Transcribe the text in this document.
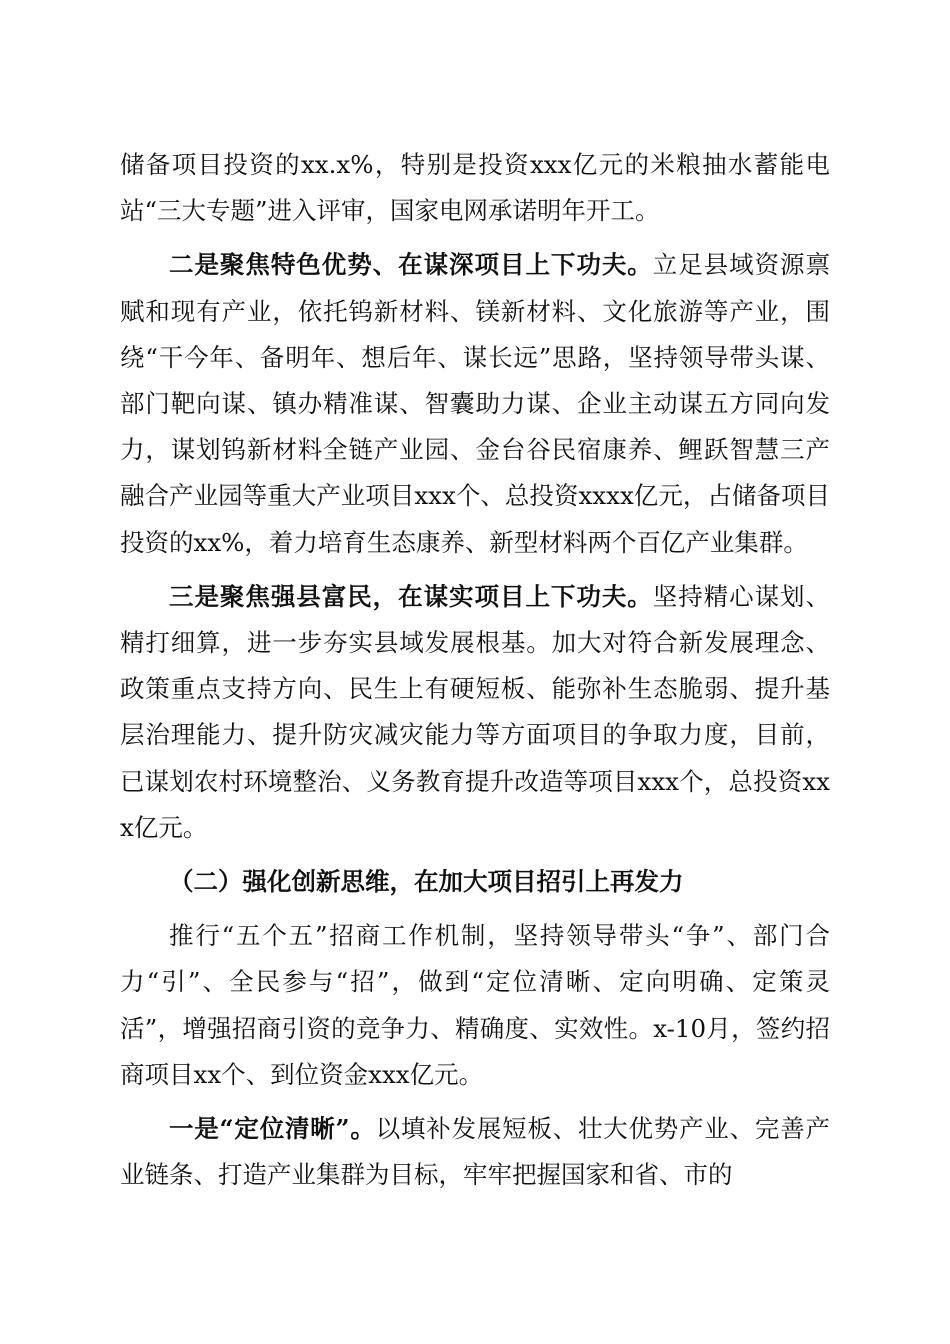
储备项目投资的xx.x%，特别是投资xxx亿元的米粮抽水蓄能电站“三大专题”进入评审，国家电网承诺明年开工。

二是聚焦特色优势、在谋深项目上下功夫。立足县域资源禀赋和现有产业，依托钨新材料、镁新材料、文化旅游等产业，围绕“干今年、备明年、想后年、谋长远”思路，坚持领导带头谋、部门靶向谋、镇办精准谋、智囊助力谋、企业主动谋五方同向发力，谋划钨新材料全链产业园、金台谷民宿康养、鲤跃智慧三产融合产业园等重大产业项目xxx个、总投资xxxx亿元，占储备项目投资的xx%，着力培育生态康养、新型材料两个百亿产业集群。

三是聚焦强县富民，在谋实项目上下功夫。坚持精心谋划、精打细算，进一步夯实县域发展根基。加大对符合新发展理念、政策重点支持方向、民生上有硬短板、能弥补生态脆弱、提升基层治理能力、提升防灾减灾能力等方面项目的争取力度，目前，已谋划农村环境整治、义务教育提升改造等项目xxx个，总投资xxx亿元。

（二）强化创新思维，在加大项目招引上再发力

推行“五个五”招商工作机制，坚持领导带头“争”、部门合力“引”、全民参与“招”，做到“定位清晰、定向明确、定策灵活”，增强招商引资的竞争力、精确度、实效性。x-10月，签约招商项目xx个、到位资金xxx亿元。

一是“定位清晰”。以填补发展短板、壮大优势产业、完善产业链条、打造产业集群为目标，牢牢把握国家和省、市的
